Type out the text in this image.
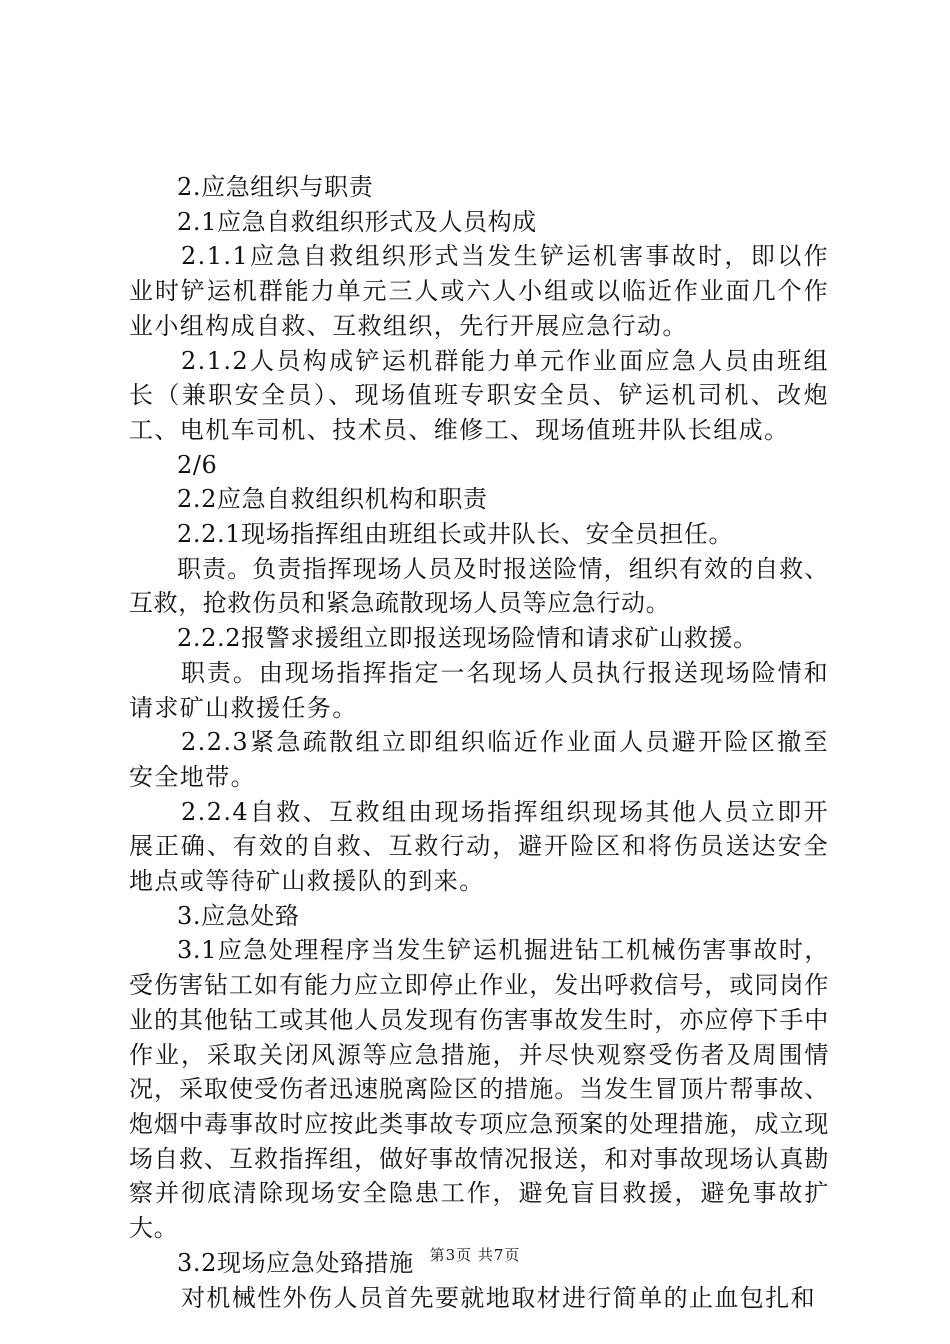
2.应急组织与职责

2.1应急自救组织形式及人员构成

2.1.1应急自救组织形式当发生铲运机害事故时，即以作业时铲运机群能力单元三人或六人小组或以临近作业面几个作业小组构成自救、互救组织，先行开展应急行动。

2.1.2人员构成铲运机群能力单元作业面应急人员由班组长（兼职安全员）、现场值班专职安全员、铲运机司机、改炮工、电机车司机、技术员、维修工、现场值班井队长组成。

2/6

2.2应急自救组织机构和职责

2.2.1现场指挥组由班组长或井队长、安全员担任。

职责。负责指挥现场人员及时报送险情，组织有效的自救、互救，抢救伤员和紧急疏散现场人员等应急行动。

2.2.2报警求援组立即报送现场险情和请求矿山救援。

职责。由现场指挥指定一名现场人员执行报送现场险情和请求矿山救援任务。

2.2.3紧急疏散组立即组织临近作业面人员避开险区撤至安全地带。

2.2.4自救、互救组由现场指挥组织现场其他人员立即开展正确、有效的自救、互救行动，避开险区和将伤员送达安全地点或等待矿山救援队的到来。

3.应急处臵

3.1应急处理程序当发生铲运机掘进钻工机械伤害事故时，受伤害钻工如有能力应立即停止作业，发出呼救信号，或同岗作业的其他钻工或其他人员发现有伤害事故发生时，亦应停下手中作业，采取关闭风源等应急措施，并尽快观察受伤者及周围情况，采取使受伤者迅速脱离险区的措施。当发生冒顶片帮事故、炮烟中毒事故时应按此类事故专项应急预案的处理措施，成立现场自救、互救指挥组，做好事故情况报送，和对事故现场认真勘察并彻底清除现场安全隐患工作，避免盲目救援，避免事故扩大。

3.2现场应急处臵措施

对机械性外伤人员首先要就地取材进行简单的止血包扎和

第3页 共7页
